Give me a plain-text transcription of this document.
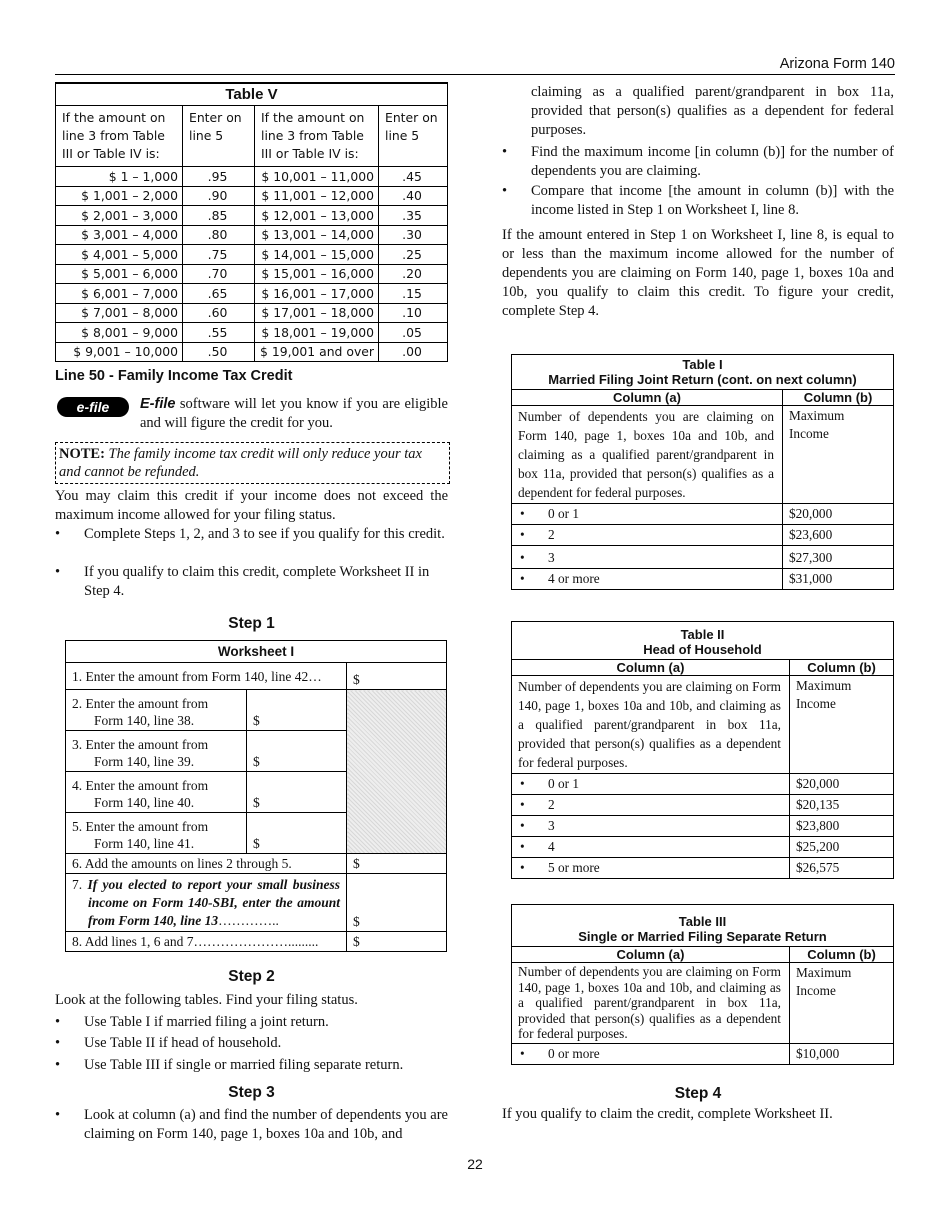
Arizona Form 140
Table V			
If the amount on line 3 from Table III or Table IV is:	Enter on line 5	If the amount on line 3 from Table III or Table IV is:	Enter on line 5
$ 1 – 1,000	.95	$ 10,001 – 11,000	.45
$ 1,001 – 2,000	.90	$ 11,001 – 12,000	.40
$ 2,001 – 3,000	.85	$ 12,001 – 13,000	.35
$ 3,001 – 4,000	.80	$ 13,001 – 14,000	.30
$ 4,001 – 5,000	.75	$ 14,001 – 15,000	.25
$ 5,001 – 6,000	.70	$ 15,001 – 16,000	.20
$ 6,001 – 7,000	.65	$ 16,001 – 17,000	.15
$ 7,001 – 8,000	.60	$ 17,001 – 18,000	.10
$ 8,001 – 9,000	.55	$ 18,001 – 19,000	.05
$ 9,001 – 10,000	.50	$ 19,001 and over	.00
Line 50 - Family Income Tax Credit
e-file	E-file software will let you know if you are eligible and will figure the credit for you.
NOTE: The family income tax credit will only reduce your tax and cannot be refunded.
You may claim this credit if your income does not exceed the maximum income allowed for your filing status.
• Complete Steps 1, 2, and 3 to see if you qualify for this credit.
• If you qualify to claim this credit, complete Worksheet II in Step 4.
Step 1
Worksheet I		
1. Enter the amount from Form 140, line 42…		$

2. Enter the amount from
Form 140, line 38.	$	

3. Enter the amount from
Form 140, line 39.	$	

4. Enter the amount from
Form 140, line 40.	$	

5. Enter the amount from
Form 140, line 41.	$	
6. Add the amounts on lines 2 through 5.		$
7. If you elected to report your small business income on Form 140-SBI, enter the amount from Form 140, line 13…………..		$
8. Add lines 1, 6 and 7………………….........		$
Step 2
Look at the following tables. Find your filing status.
• Use Table I if married filing a joint return.
• Use Table II if head of household.
• Use Table III if single or married filing separate return.
Step 3
• Look at column (a) and find the number of dependents you are claiming on Form 140, page 1, boxes 10a and 10b, and
claiming as a qualified parent/grandparent in box 11a, provided that person(s) qualifies as a dependent for federal purposes.
• Find the maximum income [in column (b)] for the number of dependents you are claiming.
• Compare that income [the amount in column (b)] with the income listed in Step 1 on Worksheet I, line 8.
If the amount entered in Step 1 on Worksheet I, line 8, is equal to or less than the maximum income allowed for the number of dependents you are claiming on Form 140, page 1, boxes 10a and 10b, you qualify to claim this credit. To figure your credit, complete Step 4.
Table I
Married Filing Joint Return (cont. on next column)	

Column (a)	Column (b)
Number of dependents you are claiming on Form 140, page 1, boxes 10a and 10b, and claiming as a qualified parent/grandparent in box 11a, provided that person(s) qualifies as a dependent for federal purposes.	Maximum Income
• 0 or 1	$20,000
• 2	$23,600
• 3	$27,300
• 4 or more	$31,000
Table II
Head of Household	

Column (a)	Column (b)
Number of dependents you are claiming on Form 140, page 1, boxes 10a and 10b, and claiming as a qualified parent/grandparent in box 11a, provided that person(s) qualifies as a dependent for federal purposes.	Maximum Income
• 0 or 1	$20,000
• 2	$20,135
• 3	$23,800
• 4	$25,200
• 5 or more	$26,575
Table III
Single or Married Filing Separate Return	

Column (a)	Column (b)
Number of dependents you are claiming on Form 140, page 1, boxes 10a and 10b, and claiming as a qualified parent/grandparent in box 11a, provided that person(s) qualifies as a dependent for federal purposes.	Maximum Income
• 0 or more	$10,000
Step 4
If you qualify to claim the credit, complete Worksheet II.
22
